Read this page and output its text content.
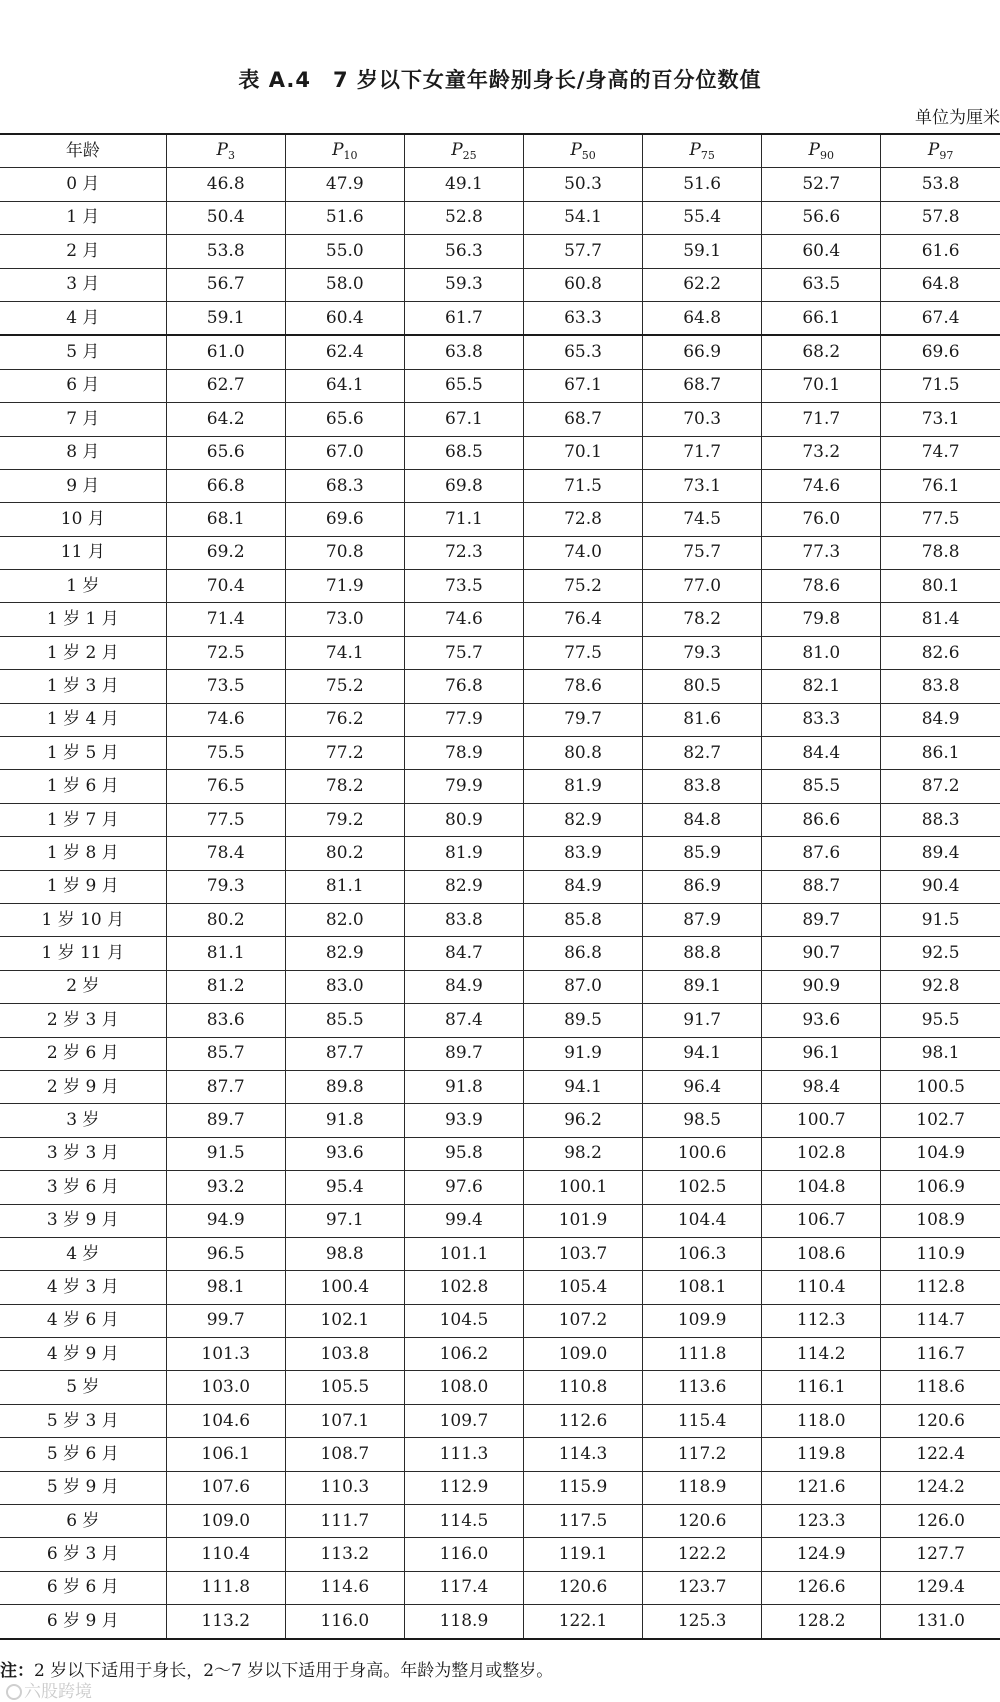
表 A.4　7 岁以下女童年龄别身长/身高的百分位数值
单位为厘米
年龄	$P_3$	$P_{10}$	$P_{25}$	$P_{50}$	$P_{75}$	$P_{90}$	$P_{97}$
0 月	46.8	47.9	49.1	50.3	51.6	52.7	53.8
1 月	50.4	51.6	52.8	54.1	55.4	56.6	57.8
2 月	53.8	55.0	56.3	57.7	59.1	60.4	61.6
3 月	56.7	58.0	59.3	60.8	62.2	63.5	64.8
4 月	59.1	60.4	61.7	63.3	64.8	66.1	67.4
5 月	61.0	62.4	63.8	65.3	66.9	68.2	69.6
6 月	62.7	64.1	65.5	67.1	68.7	70.1	71.5
7 月	64.2	65.6	67.1	68.7	70.3	71.7	73.1
8 月	65.6	67.0	68.5	70.1	71.7	73.2	74.7
9 月	66.8	68.3	69.8	71.5	73.1	74.6	76.1
10 月	68.1	69.6	71.1	72.8	74.5	76.0	77.5
11 月	69.2	70.8	72.3	74.0	75.7	77.3	78.8
1 岁	70.4	71.9	73.5	75.2	77.0	78.6	80.1
1 岁 1 月	71.4	73.0	74.6	76.4	78.2	79.8	81.4
1 岁 2 月	72.5	74.1	75.7	77.5	79.3	81.0	82.6
1 岁 3 月	73.5	75.2	76.8	78.6	80.5	82.1	83.8
1 岁 4 月	74.6	76.2	77.9	79.7	81.6	83.3	84.9
1 岁 5 月	75.5	77.2	78.9	80.8	82.7	84.4	86.1
1 岁 6 月	76.5	78.2	79.9	81.9	83.8	85.5	87.2
1 岁 7 月	77.5	79.2	80.9	82.9	84.8	86.6	88.3
1 岁 8 月	78.4	80.2	81.9	83.9	85.9	87.6	89.4
1 岁 9 月	79.3	81.1	82.9	84.9	86.9	88.7	90.4
1 岁 10 月	80.2	82.0	83.8	85.8	87.9	89.7	91.5
1 岁 11 月	81.1	82.9	84.7	86.8	88.8	90.7	92.5
2 岁	81.2	83.0	84.9	87.0	89.1	90.9	92.8
2 岁 3 月	83.6	85.5	87.4	89.5	91.7	93.6	95.5
2 岁 6 月	85.7	87.7	89.7	91.9	94.1	96.1	98.1
2 岁 9 月	87.7	89.8	91.8	94.1	96.4	98.4	100.5
3 岁	89.7	91.8	93.9	96.2	98.5	100.7	102.7
3 岁 3 月	91.5	93.6	95.8	98.2	100.6	102.8	104.9
3 岁 6 月	93.2	95.4	97.6	100.1	102.5	104.8	106.9
3 岁 9 月	94.9	97.1	99.4	101.9	104.4	106.7	108.9
4 岁	96.5	98.8	101.1	103.7	106.3	108.6	110.9
4 岁 3 月	98.1	100.4	102.8	105.4	108.1	110.4	112.8
4 岁 6 月	99.7	102.1	104.5	107.2	109.9	112.3	114.7
4 岁 9 月	101.3	103.8	106.2	109.0	111.8	114.2	116.7
5 岁	103.0	105.5	108.0	110.8	113.6	116.1	118.6
5 岁 3 月	104.6	107.1	109.7	112.6	115.4	118.0	120.6
5 岁 6 月	106.1	108.7	111.3	114.3	117.2	119.8	122.4
5 岁 9 月	107.6	110.3	112.9	115.9	118.9	121.6	124.2
6 岁	109.0	111.7	114.5	117.5	120.6	123.3	126.0
6 岁 3 月	110.4	113.2	116.0	119.1	122.2	124.9	127.7
6 岁 6 月	111.8	114.6	117.4	120.6	123.7	126.6	129.4
6 岁 9 月	113.2	116.0	118.9	122.1	125.3	128.2	131.0
注：2 岁以下适用于身长，2～7 岁以下适用于身高。年龄为整月或整岁。
六股跨境
